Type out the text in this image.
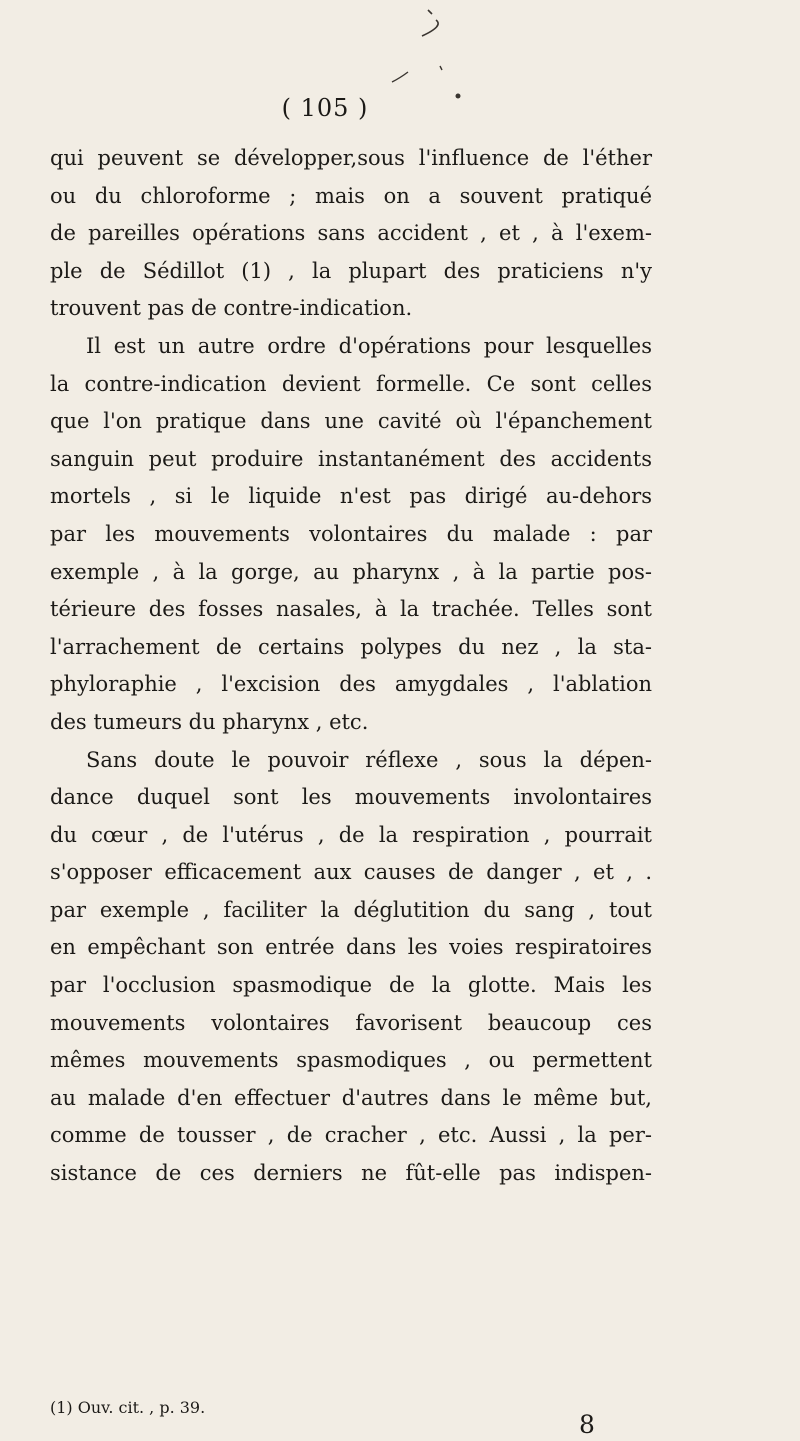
( 105 )
qui peuvent se développer,sous l'influence de l'éther
ou du chloroforme ; mais on a souvent pratiqué
de pareilles opérations sans accident , et , à l'exem-
ple de Sédillot (1) , la plupart des praticiens n'y
trouvent pas de contre-indication.
Il est un autre ordre d'opérations pour lesquelles
la contre-indication devient formelle. Ce sont celles
que l'on pratique dans une cavité où l'épanchement
sanguin peut produire instantanément des accidents
mortels , si le liquide n'est pas dirigé au-dehors
par les mouvements volontaires du malade : par
exemple , à la gorge, au pharynx , à la partie pos-
térieure des fosses nasales, à la trachée. Telles sont
l'arrachement de certains polypes du nez , la sta-
phyloraphie , l'excision des amygdales , l'ablation
des tumeurs du pharynx , etc.
Sans doute le pouvoir réflexe , sous la dépen-
dance duquel sont les mouvements involontaires
du cœur , de l'utérus , de la respiration , pourrait
s'opposer efficacement aux causes de danger , et , .
par exemple , faciliter la déglutition du sang , tout
en empêchant son entrée dans les voies respiratoires
par l'occlusion spasmodique de la glotte. Mais les
mouvements volontaires favorisent beaucoup ces
mêmes mouvements spasmodiques , ou permettent
au malade d'en effectuer d'autres dans le même but,
comme de tousser , de cracher , etc. Aussi , la per-
sistance de ces derniers ne fût-elle pas indispen-
(1) Ouv. cit. , p. 39.
8
